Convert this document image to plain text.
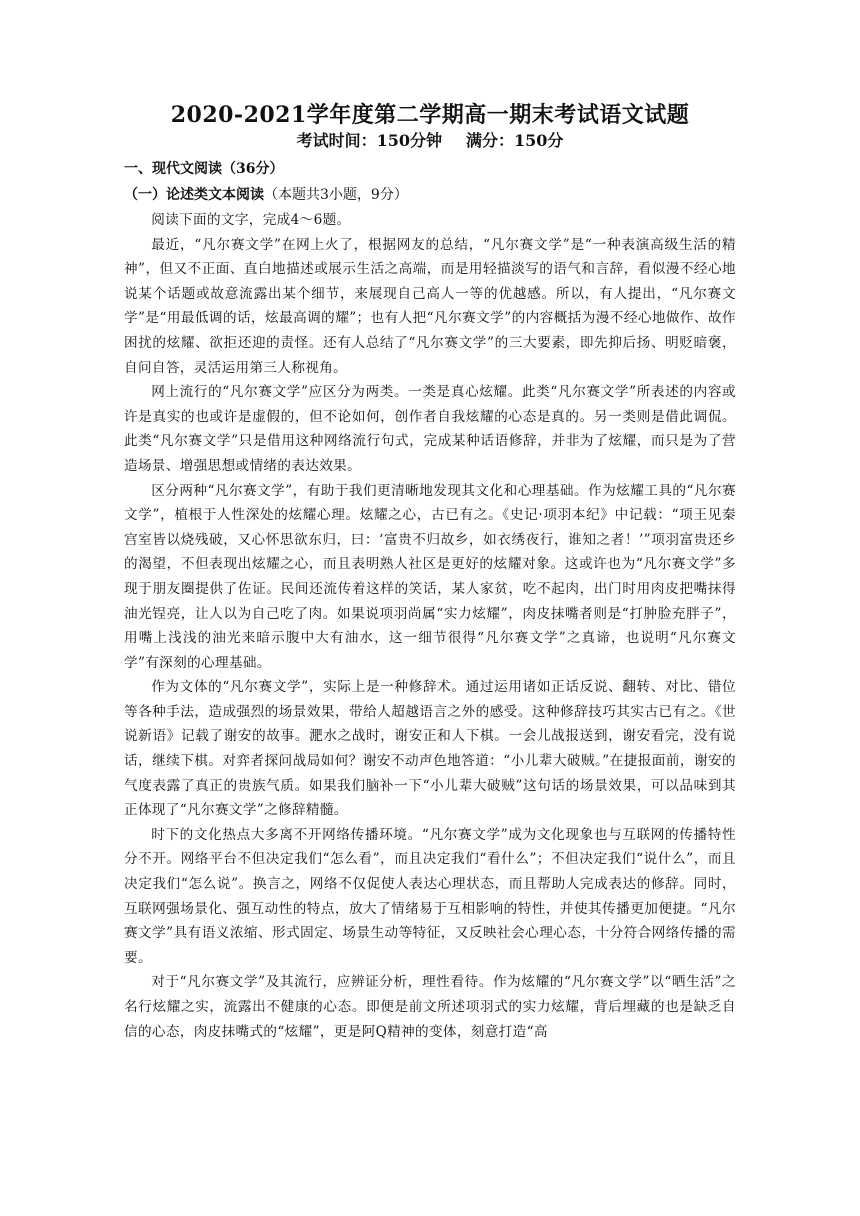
2020-2021学年度第二学期高一期末考试语文试题
考试时间：150分钟 满分：150分

一、现代文阅读（36分）

（一）论述类文本阅读（本题共3小题，9分）

阅读下面的文字，完成4～6题。

最近，“凡尔赛文学”在网上火了，根据网友的总结，“凡尔赛文学”是“一种表演高级生活的精神”，但又不正面、直白地描述或展示生活之高端，而是用轻描淡写的语气和言辞，看似漫不经心地说某个话题或故意流露出某个细节，来展现自己高人一等的优越感。所以，有人提出，“凡尔赛文学”是“用最低调的话，炫最高调的耀”；也有人把“凡尔赛文学”的内容概括为漫不经心地做作、故作困扰的炫耀、欲拒还迎的责怪。还有人总结了“凡尔赛文学”的三大要素，即先抑后扬、明贬暗褒，自问自答，灵活运用第三人称视角。

网上流行的“凡尔赛文学”应区分为两类。一类是真心炫耀。此类“凡尔赛文学”所表述的内容或许是真实的也或许是虚假的，但不论如何，创作者自我炫耀的心态是真的。另一类则是借此调侃。此类“凡尔赛文学”只是借用这种网络流行句式，完成某种话语修辞，并非为了炫耀，而只是为了营造场景、增强思想或情绪的表达效果。

区分两种“凡尔赛文学”，有助于我们更清晰地发现其文化和心理基础。作为炫耀工具的“凡尔赛文学”，植根于人性深处的炫耀心理。炫耀之心，古已有之。《史记·项羽本纪》中记载：“项王见秦宫室皆以烧残破，又心怀思欲东归，曰：‘富贵不归故乡，如衣绣夜行，谁知之者！’”项羽富贵还乡的渴望，不但表现出炫耀之心，而且表明熟人社区是更好的炫耀对象。这或许也为“凡尔赛文学”多现于朋友圈提供了佐证。民间还流传着这样的笑话，某人家贫，吃不起肉，出门时用肉皮把嘴抹得油光锃亮，让人以为自己吃了肉。如果说项羽尚属“实力炫耀”，肉皮抹嘴者则是“打肿脸充胖子”，用嘴上浅浅的油光来暗示腹中大有油水，这一细节很得“凡尔赛文学”之真谛，也说明“凡尔赛文学”有深刻的心理基础。

作为文体的“凡尔赛文学”，实际上是一种修辞术。通过运用诸如正话反说、翻转、对比、错位等各种手法，造成强烈的场景效果，带给人超越语言之外的感受。这种修辞技巧其实古已有之。《世说新语》记载了谢安的故事。淝水之战时，谢安正和人下棋。一会儿战报送到，谢安看完，没有说话，继续下棋。对弈者探问战局如何？谢安不动声色地答道：“小儿辈大破贼。”在捷报面前，谢安的气度表露了真正的贵族气质。如果我们脑补一下“小儿辈大破贼”这句话的场景效果，可以品味到其正体现了“凡尔赛文学”之修辞精髓。

时下的文化热点大多离不开网络传播环境。“凡尔赛文学”成为文化现象也与互联网的传播特性分不开。网络平台不但决定我们“怎么看”，而且决定我们“看什么”；不但决定我们“说什么”，而且决定我们“怎么说”。换言之，网络不仅促使人表达心理状态，而且帮助人完成表达的修辞。同时，互联网强场景化、强互动性的特点，放大了情绪易于互相影响的特性，并使其传播更加便捷。“凡尔赛文学”具有语义浓缩、形式固定、场景生动等特征，又反映社会心理心态，十分符合网络传播的需要。

对于“凡尔赛文学”及其流行，应辨证分析，理性看待。作为炫耀的“凡尔赛文学”以“晒生活”之名行炫耀之实，流露出不健康的心态。即便是前文所述项羽式的实力炫耀，背后埋藏的也是缺乏自信的心态，肉皮抹嘴式的“炫耀”，更是阿Q精神的变体，刻意打造“高
